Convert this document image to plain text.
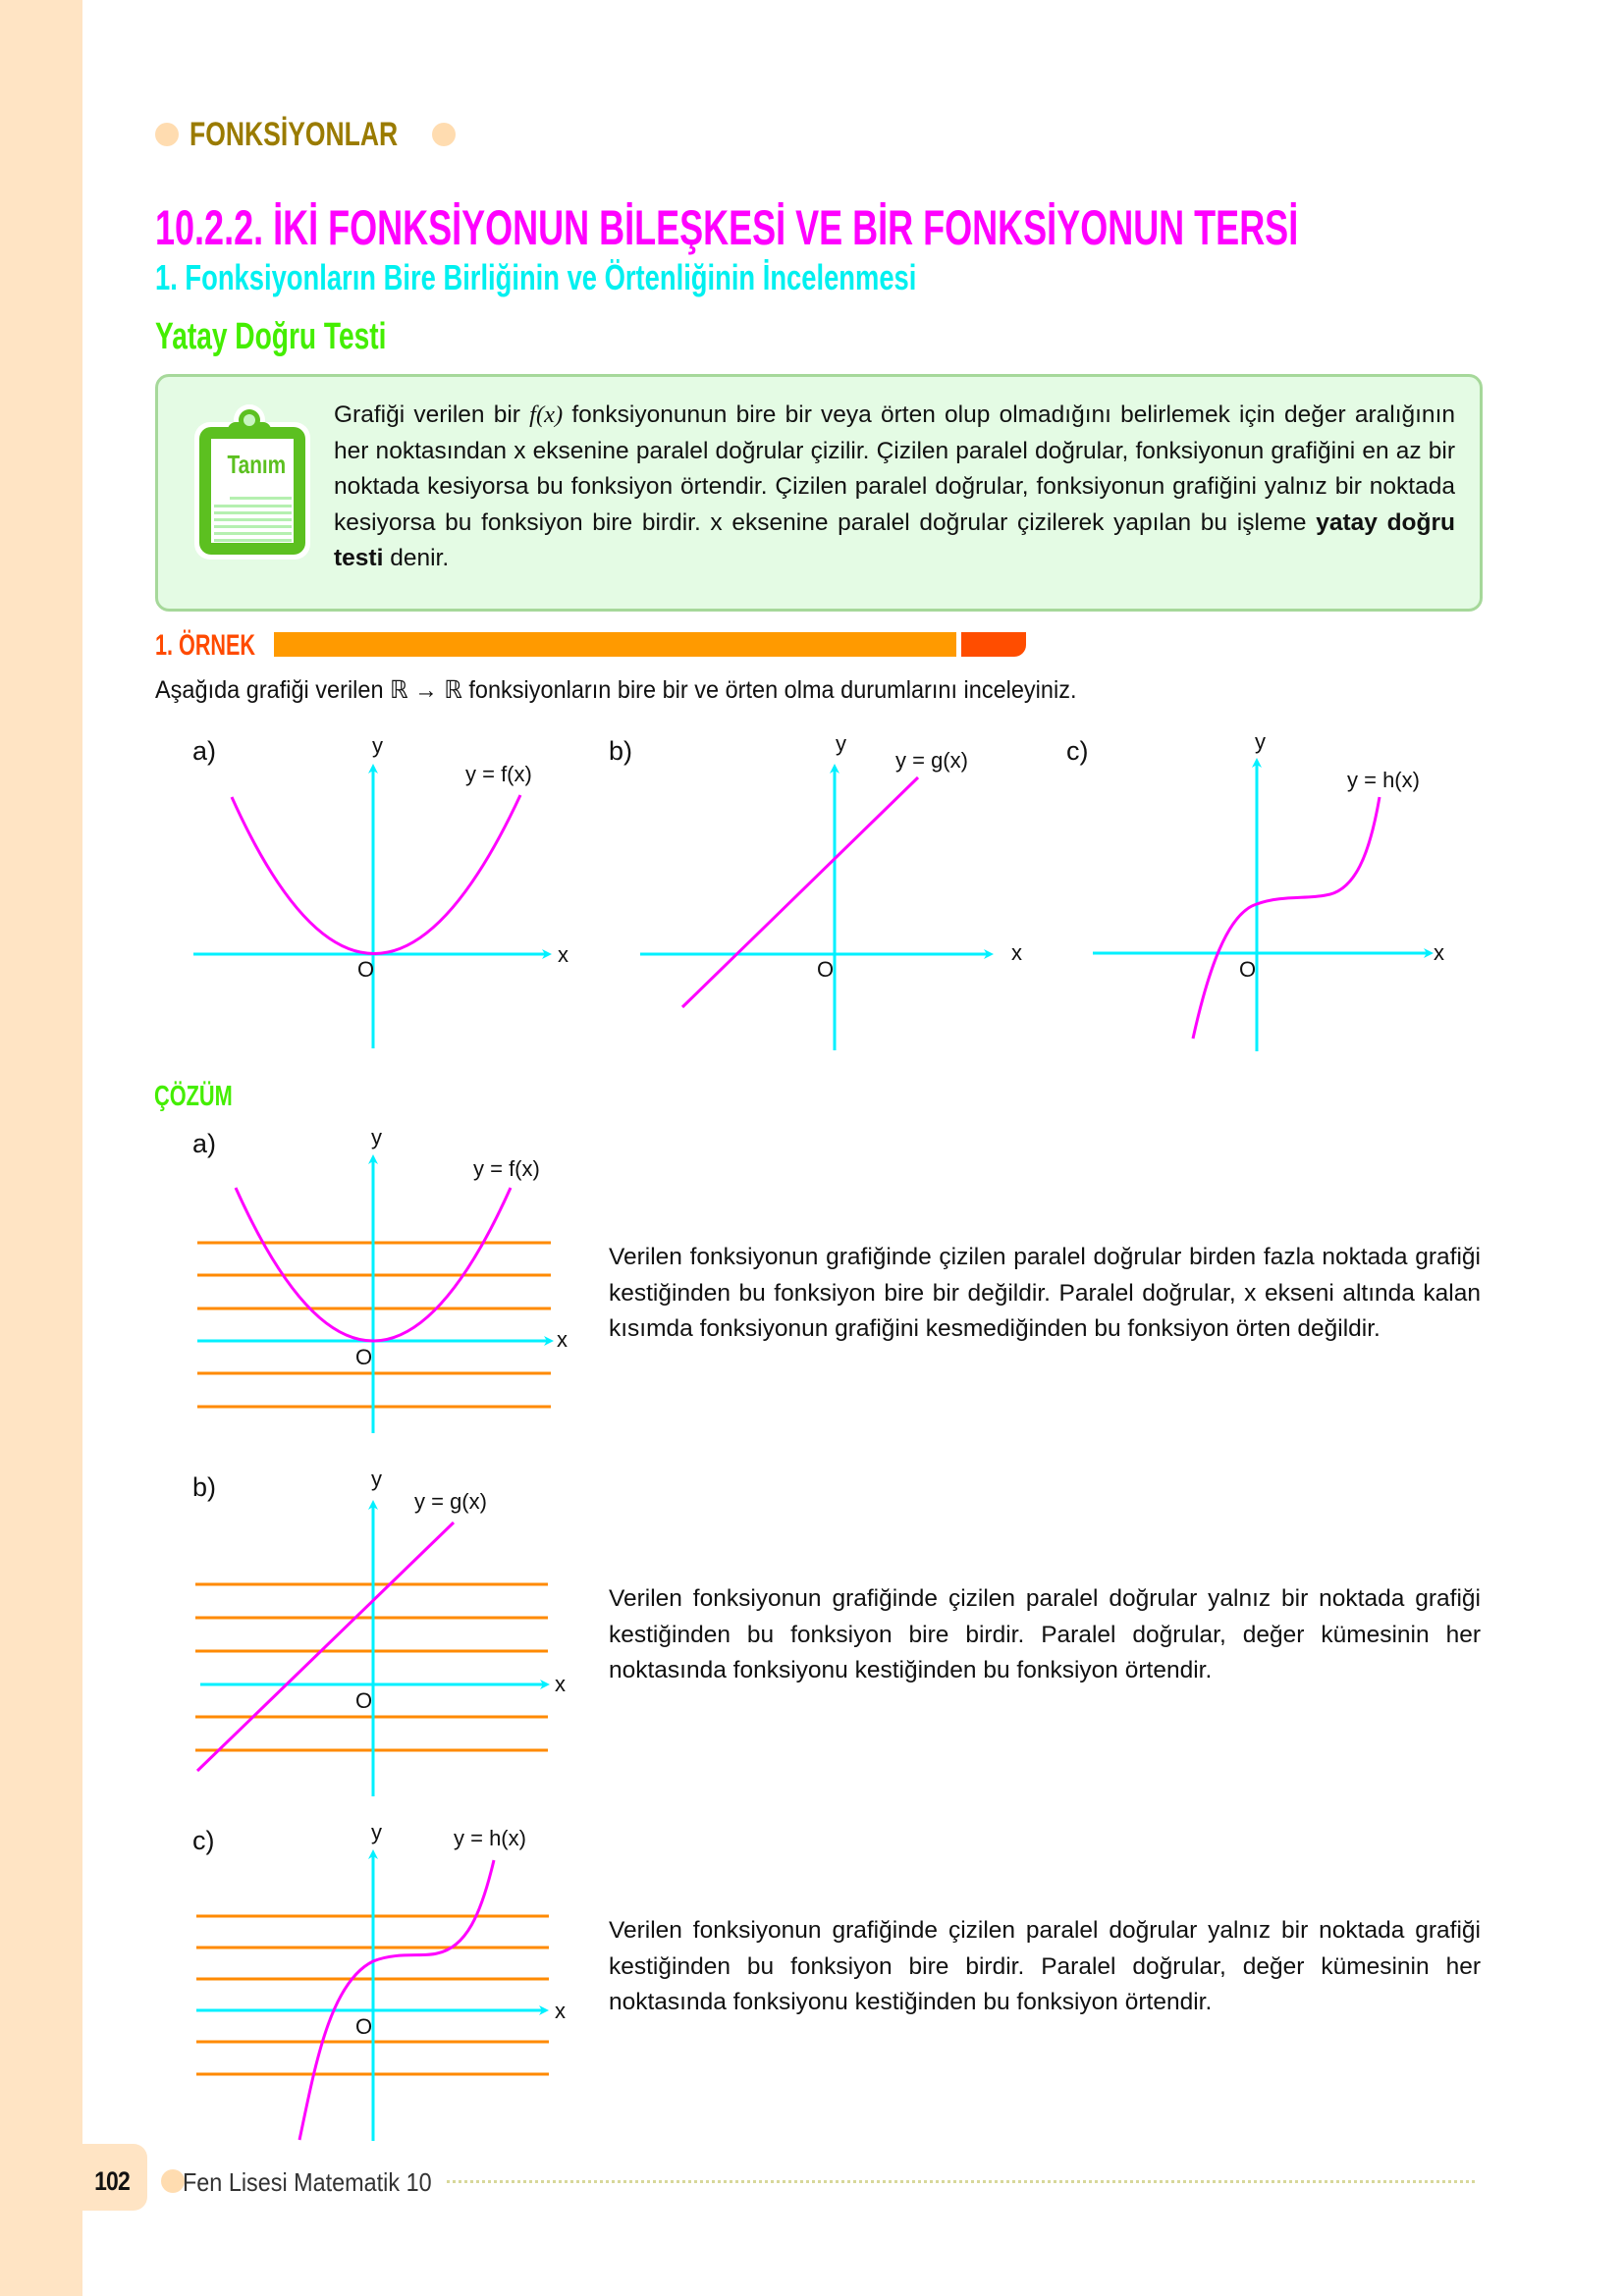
FONKSİYONLAR
10.2.2. İKİ FONKSİYONUN BİLEŞKESİ VE BİR FONKSİYONUN TERSİ
1. Fonksiyonların Bire Birliğinin ve Örtenliğinin İncelenmesi
Yatay Doğru Testi
Tanım
Grafiği verilen bir f(x) fonksiyonunun bire bir veya örten olup olmadığını belirlemek için değer aralığının her noktasından x eksenine paralel doğrular çizilir. Çizilen paralel doğrular, fonksiyonun grafiğini en az bir noktada kesiyorsa bu fonksiyon örtendir. Çizilen paralel doğrular, fonksiyonun grafiğini yalnız bir noktada kesiyorsa bu fonksiyon bire birdir. x eksenine paralel doğrular çizilerek yapılan bu işleme yatay doğru testi denir.
1. ÖRNEK
Aşağıda grafiği verilen ℝ → ℝ fonksiyonların bire bir ve örten olma durumlarını inceleyiniz.
a)	y
y = f(x)
O
x
b)	y
y = g(x)
O
x
c)	y
y = h(x)
O
x
ÇÖZÜM
a)	y
y = f(x)
O
x
Verilen fonksiyonun grafiğinde çizilen paralel doğrular birden fazla noktada grafiği kestiğinden bu fonksiyon bire bir değildir. Paralel doğrular, x ekseni altında kalan kısımda fonksiyonun grafiğini kesmediğinden bu fonksiyon örten değildir.
b)	y
y = g(x)
O
x
Verilen fonksiyonun grafiğinde çizilen paralel doğrular yalnız bir noktada grafiği kestiğinden bu fonksiyon bire birdir. Paralel doğrular, değer kümesinin her noktasında fonksiyonu kestiğinden bu fonksiyon örtendir.
c)	y	y = h(x)
O
x
Verilen fonksiyonun grafiğinde çizilen paralel doğrular yalnız bir noktada grafiği kestiğinden bu fonksiyon bire birdir. Paralel doğrular, değer kümesinin her noktasında fonksiyonu kestiğinden bu fonksiyon örtendir.
102 Fen Lisesi Matematik 10
